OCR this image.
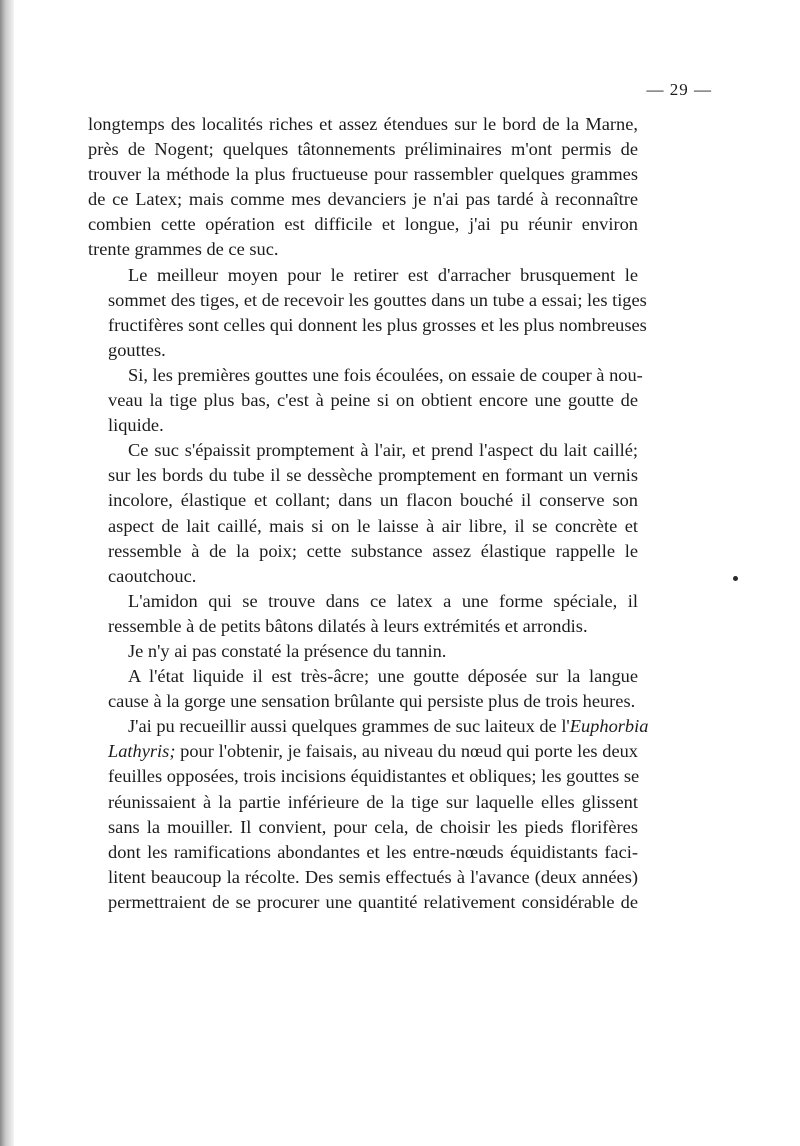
— 29 —
longtemps des localités riches et assez étendues sur le bord de la Marne,
près de Nogent; quelques tâtonnements préliminaires m'ont permis de
trouver la méthode la plus fructueuse pour rassembler quelques grammes
de ce Latex; mais comme mes devanciers je n'ai pas tardé à reconnaître
combien cette opération est difficile et longue, j'ai pu réunir environ
trente grammes de ce suc.
Le meilleur moyen pour le retirer est d'arracher brusquement le
sommet des tiges, et de recevoir les gouttes dans un tube a essai; les tiges
fructifères sont celles qui donnent les plus grosses et les plus nombreuses
gouttes.
Si, les premières gouttes une fois écoulées, on essaie de couper à nou-
veau la tige plus bas, c'est à peine si on obtient encore une goutte de
liquide.
Ce suc s'épaissit promptement à l'air, et prend l'aspect du lait caillé;
sur les bords du tube il se dessèche promptement en formant un vernis
incolore, élastique et collant; dans un flacon bouché il conserve son
aspect de lait caillé, mais si on le laisse à air libre, il se concrète et
ressemble à de la poix; cette substance assez élastique rappelle le
caoutchouc.
L'amidon qui se trouve dans ce latex a une forme spéciale, il
ressemble à de petits bâtons dilatés à leurs extrémités et arrondis.
Je n'y ai pas constaté la présence du tannin.
A l'état liquide il est très-âcre; une goutte déposée sur la langue
cause à la gorge une sensation brûlante qui persiste plus de trois heures.
J'ai pu recueillir aussi quelques grammes de suc laiteux de l'Euphorbia
Lathyris; pour l'obtenir, je faisais, au niveau du nœud qui porte les deux
feuilles opposées, trois incisions équidistantes et obliques; les gouttes se
réunissaient à la partie inférieure de la tige sur laquelle elles glissent
sans la mouiller. Il convient, pour cela, de choisir les pieds florifères
dont les ramifications abondantes et les entre-nœuds équidistants faci-
litent beaucoup la récolte. Des semis effectués à l'avance (deux années)
permettraient de se procurer une quantité relativement considérable de
